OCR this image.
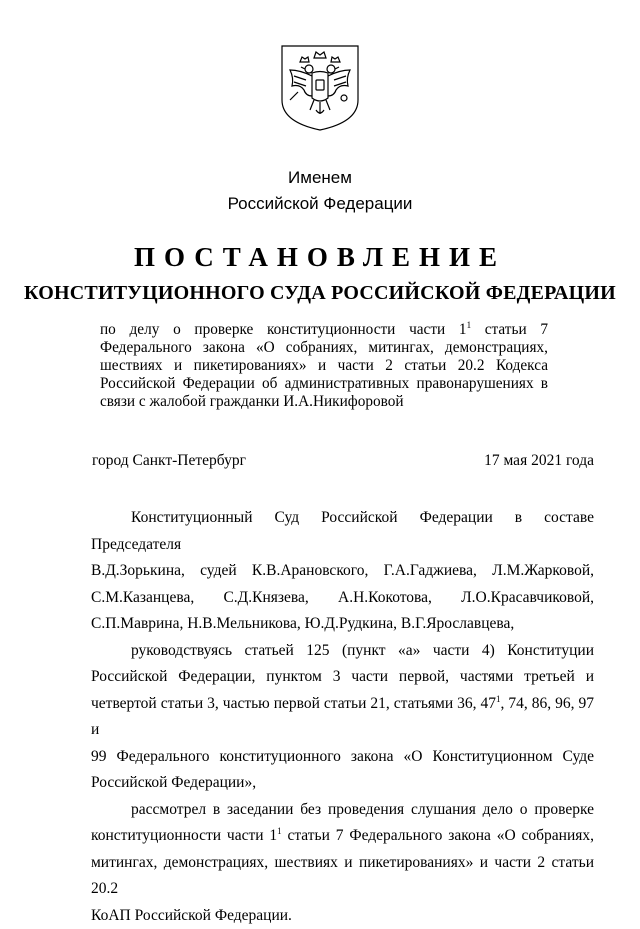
Именем
Российской Федерации
ПОСТАНОВЛЕНИЕ
КОНСТИТУЦИОННОГО СУДА РОССИЙСКОЙ ФЕДЕРАЦИИ
по делу о проверке конституционности части $1^1$ статьи 7
Федерального закона «О собраниях, митингах, демонстрациях,
шествиях и пикетированиях» и части 2 статьи 20.2 Кодекса
Российской Федерации об административных правонарушениях в
связи с жалобой гражданки И.А.Никифоровой
город Санкт-Петербург	17 мая 2021 года
Конституционный Суд Российской Федерации в составе Председателя
В.Д.Зорькина, судей К.В.Арановского, Г.А.Гаджиева, Л.М.Жарковой,
С.М.Казанцева, С.Д.Князева, А.Н.Кокотова, Л.О.Красавчиковой,
С.П.Маврина, Н.В.Мельникова, Ю.Д.Рудкина, В.Г.Ярославцева,
руководствуясь статьей 125 (пункт «а» части 4) Конституции
Российской Федерации, пунктом 3 части первой, частями третьей и
четвертой статьи 3, частью первой статьи 21, статьями 36, $47^1$, 74, 86, 96, 97 и
99 Федерального конституционного закона «О Конституционном Суде
Российской Федерации»,
рассмотрел в заседании без проведения слушания дело о проверке
конституционности части $1^1$ статьи 7 Федерального закона «О собраниях,
митингах, демонстрациях, шествиях и пикетированиях» и части 2 статьи 20.2
КоАП Российской Федерации.
